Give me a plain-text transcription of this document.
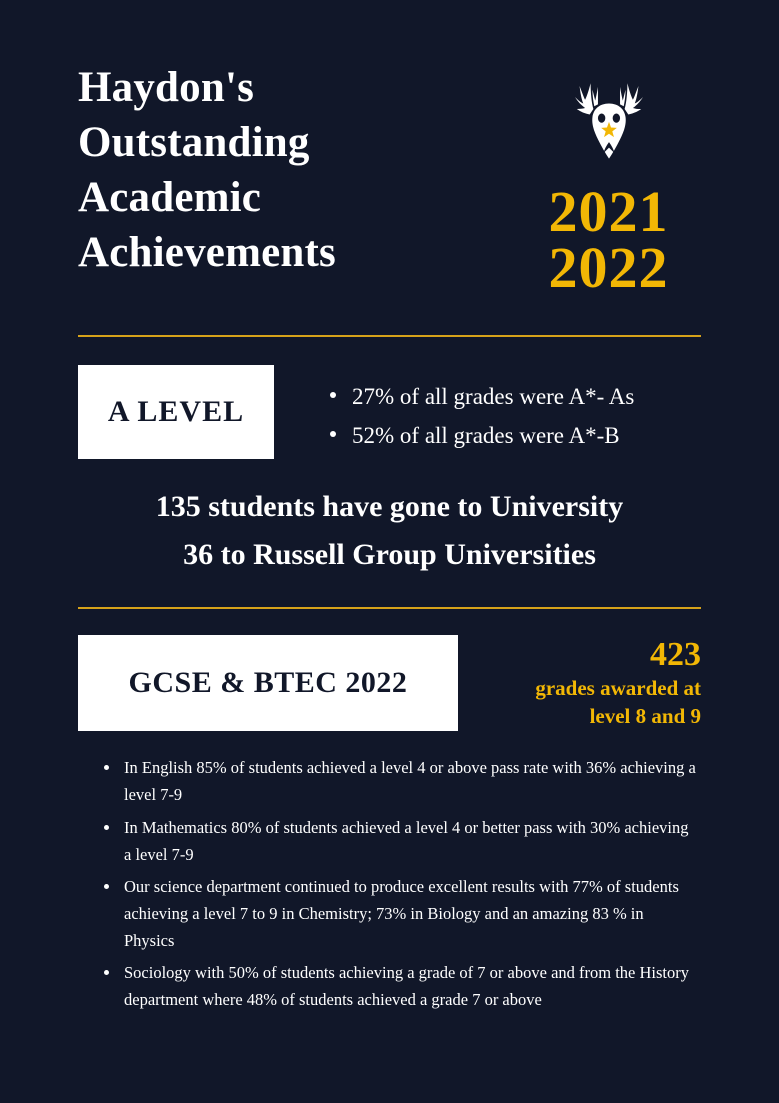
Haydon's
Outstanding
Academic
Achievements
2021
2022
A LEVEL	27% of all grades were A*- As
52% of all grades were A*-B
135 students have gone to University
36 to Russell Group Universities
GCSE & BTEC 2022
423
grades awarded at
level 8 and 9
In English 85% of students achieved a level 4 or above pass rate with 36% achieving a level 7-9
In Mathematics 80% of students achieved a level 4 or better pass with 30% achieving a level 7-9
Our science department continued to produce excellent results with 77% of students achieving a level 7 to 9 in Chemistry; 73% in Biology and an amazing 83 % in Physics
Sociology with 50% of students achieving a grade of 7 or above and from the History department where 48% of students achieved a grade 7 or above
